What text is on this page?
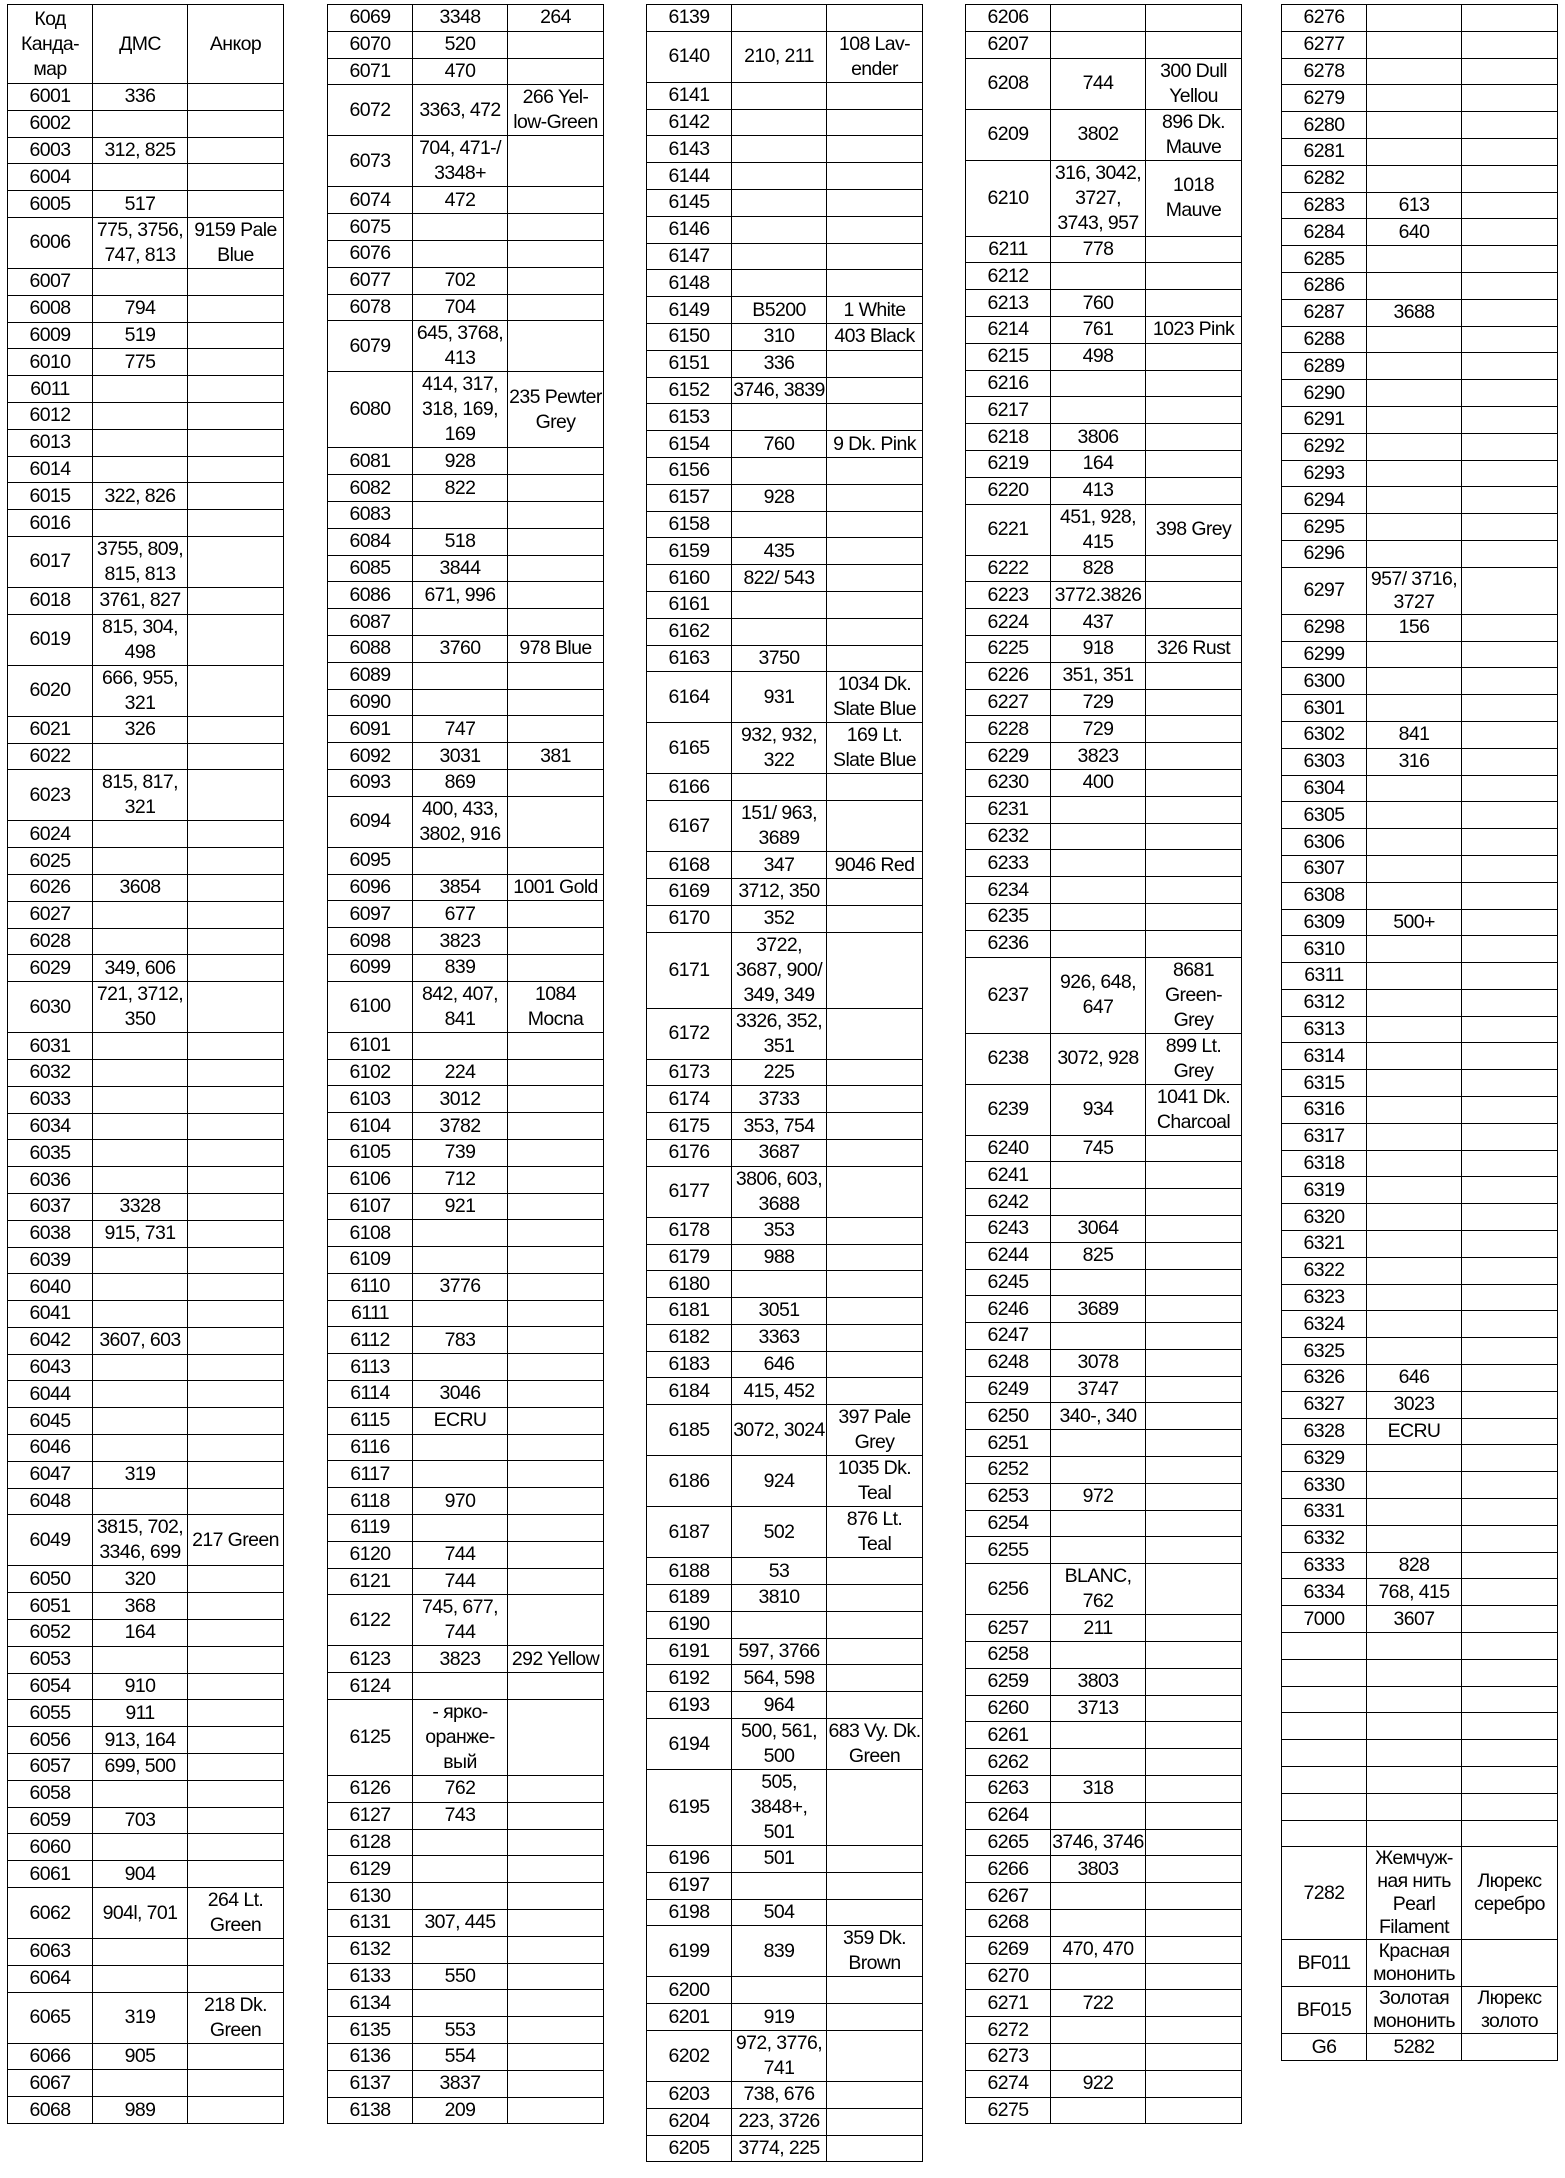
Код
Канда-
мар	ДМС	Анкор
6001	336	
6002		
6003	312, 825	
6004		
6005	517	
6006	775, 3756, 747, 813	9159 Pale Blue
6007		
6008	794	
6009	519	
6010	775	
6011		
6012		
6013		
6014		
6015	322, 826	
6016		
6017	3755, 809, 815, 813	
6018	3761, 827	
6019	815, 304, 498	
6020	666, 955, 321	
6021	326	
6022		
6023	815, 817, 321	
6024		
6025		
6026	3608	
6027		
6028		
6029	349, 606	
6030	721, 3712, 350	
6031		
6032		
6033		
6034		
6035		
6036		
6037	3328	
6038	915, 731	
6039		
6040		
6041		
6042	3607, 603	
6043		
6044		
6045		
6046		
6047	319	
6048		
6049	3815, 702, 3346, 699	217 Green
6050	320	
6051	368	
6052	164	
6053		
6054	910	
6055	911	
6056	913, 164	
6057	699, 500	
6058		
6059	703	
6060		
6061	904	
6062	904l, 701	264 Lt. Green
6063		
6064		
6065	319	218 Dk. Green
6066	905	
6067		
6068	989	
6069	3348	264
6070	520	
6071	470	
6072	3363, 472	266 Yel-low-Green
6073	704, 471-/ 3348+	
6074	472	
6075		
6076		
6077	702	
6078	704	
6079	645, 3768, 413	
6080	414, 317, 318, 169, 169	235 Pewter Grey
6081	928	
6082	822	
6083		
6084	518	
6085	3844	
6086	671, 996	
6087		
6088	3760	978 Blue
6089		
6090		
6091	747	
6092	3031	381
6093	869	
6094	400, 433, 3802, 916	
6095		
6096	3854	1001 Gold
6097	677	
6098	3823	
6099	839	
6100	842, 407, 841	1084 Mocna
6101		
6102	224	
6103	3012	
6104	3782	
6105	739	
6106	712	
6107	921	
6108		
6109		
6110	3776	
6111		
6112	783	
6113		
6114	3046	
6115	ECRU	
6116		
6117		
6118	970	
6119		
6120	744	
6121	744	
6122	745, 677, 744	
6123	3823	292 Yellow
6124		
6125	- ярко-оранже-вый	
6126	762	
6127	743	
6128		
6129		
6130		
6131	307, 445	
6132		
6133	550	
6134		
6135	553	
6136	554	
6137	3837	
6138	209	
6139		
6140	210, 211	108 Lav-ender
6141		
6142		
6143		
6144		
6145		
6146		
6147		
6148		
6149	B5200	1 White
6150	310	403 Black
6151	336	
6152	3746, 3839	
6153		
6154	760	9 Dk. Pink
6156		
6157	928	
6158		
6159	435	
6160	822/ 543	
6161		
6162		
6163	3750	
6164	931	1034 Dk. Slate Blue
6165	932, 932, 322	169 Lt. Slate Blue
6166		
6167	151/ 963, 3689	
6168	347	9046 Red
6169	3712, 350	
6170	352	
6171	3722, 3687, 900/ 349, 349	
6172	3326, 352, 351	
6173	225	
6174	3733	
6175	353, 754	
6176	3687	
6177	3806, 603, 3688	
6178	353	
6179	988	
6180		
6181	3051	
6182	3363	
6183	646	
6184	415, 452	
6185	3072, 3024	397 Pale Grey
6186	924	1035 Dk. Teal
6187	502	876 Lt. Teal
6188	53	
6189	3810	
6190		
6191	597, 3766	
6192	564, 598	
6193	964	
6194	500, 561, 500	683 Vy. Dk. Green
6195	505, 3848+, 501	
6196	501	
6197		
6198	504	
6199	839	359 Dk. Brown
6200		
6201	919	
6202	972, 3776, 741	
6203	738, 676	
6204	223, 3726	
6205	3774, 225	
6206		
6207		
6208	744	300 Dull Yellou
6209	3802	896 Dk. Mauve
6210	316, 3042, 3727, 3743, 957	1018 Mauve
6211	778	
6212		
6213	760	
6214	761	1023 Pink
6215	498	
6216		
6217		
6218	3806	
6219	164	
6220	413	
6221	451, 928, 415	398 Grey
6222	828	
6223	3772.3826	
6224	437	
6225	918	326 Rust
6226	351, 351	
6227	729	
6228	729	
6229	3823	
6230	400	
6231		
6232		
6233		
6234		
6235		
6236		
6237	926, 648, 647	8681 Green-Grey
6238	3072, 928	899 Lt. Grey
6239	934	1041 Dk. Charcoal
6240	745	
6241		
6242		
6243	3064	
6244	825	
6245		
6246	3689	
6247		
6248	3078	
6249	3747	
6250	340-, 340	
6251		
6252		
6253	972	
6254		
6255		
6256	BLANC, 762	
6257	211	
6258		
6259	3803	
6260	3713	
6261		
6262		
6263	318	
6264		
6265	3746, 3746	
6266	3803	
6267		
6268		
6269	470, 470	
6270		
6271	722	
6272		
6273		
6274	922	
6275		
6276		
6277		
6278		
6279		
6280		
6281		
6282		
6283	613	
6284	640	
6285		
6286		
6287	3688	
6288		
6289		
6290		
6291		
6292		
6293		
6294		
6295		
6296		
6297	957/ 3716, 3727	
6298	156	
6299		
6300		
6301		
6302	841	
6303	316	
6304		
6305		
6306		
6307		
6308		
6309	500+	
6310		
6311		
6312		
6313		
6314		
6315		
6316		
6317		
6318		
6319		
6320		
6321		
6322		
6323		
6324		
6325		
6326	646	
6327	3023	
6328	ECRU	
6329		
6330		
6331		
6332		
6333	828	
6334	768, 415	
7000	3607	

7282	Жемчуж-ная нить Pearl Filament	Люрекс серебро
BF011	Красная мононить	
BF015	Золотая мононить	Люрекс золото
G6	5282	
